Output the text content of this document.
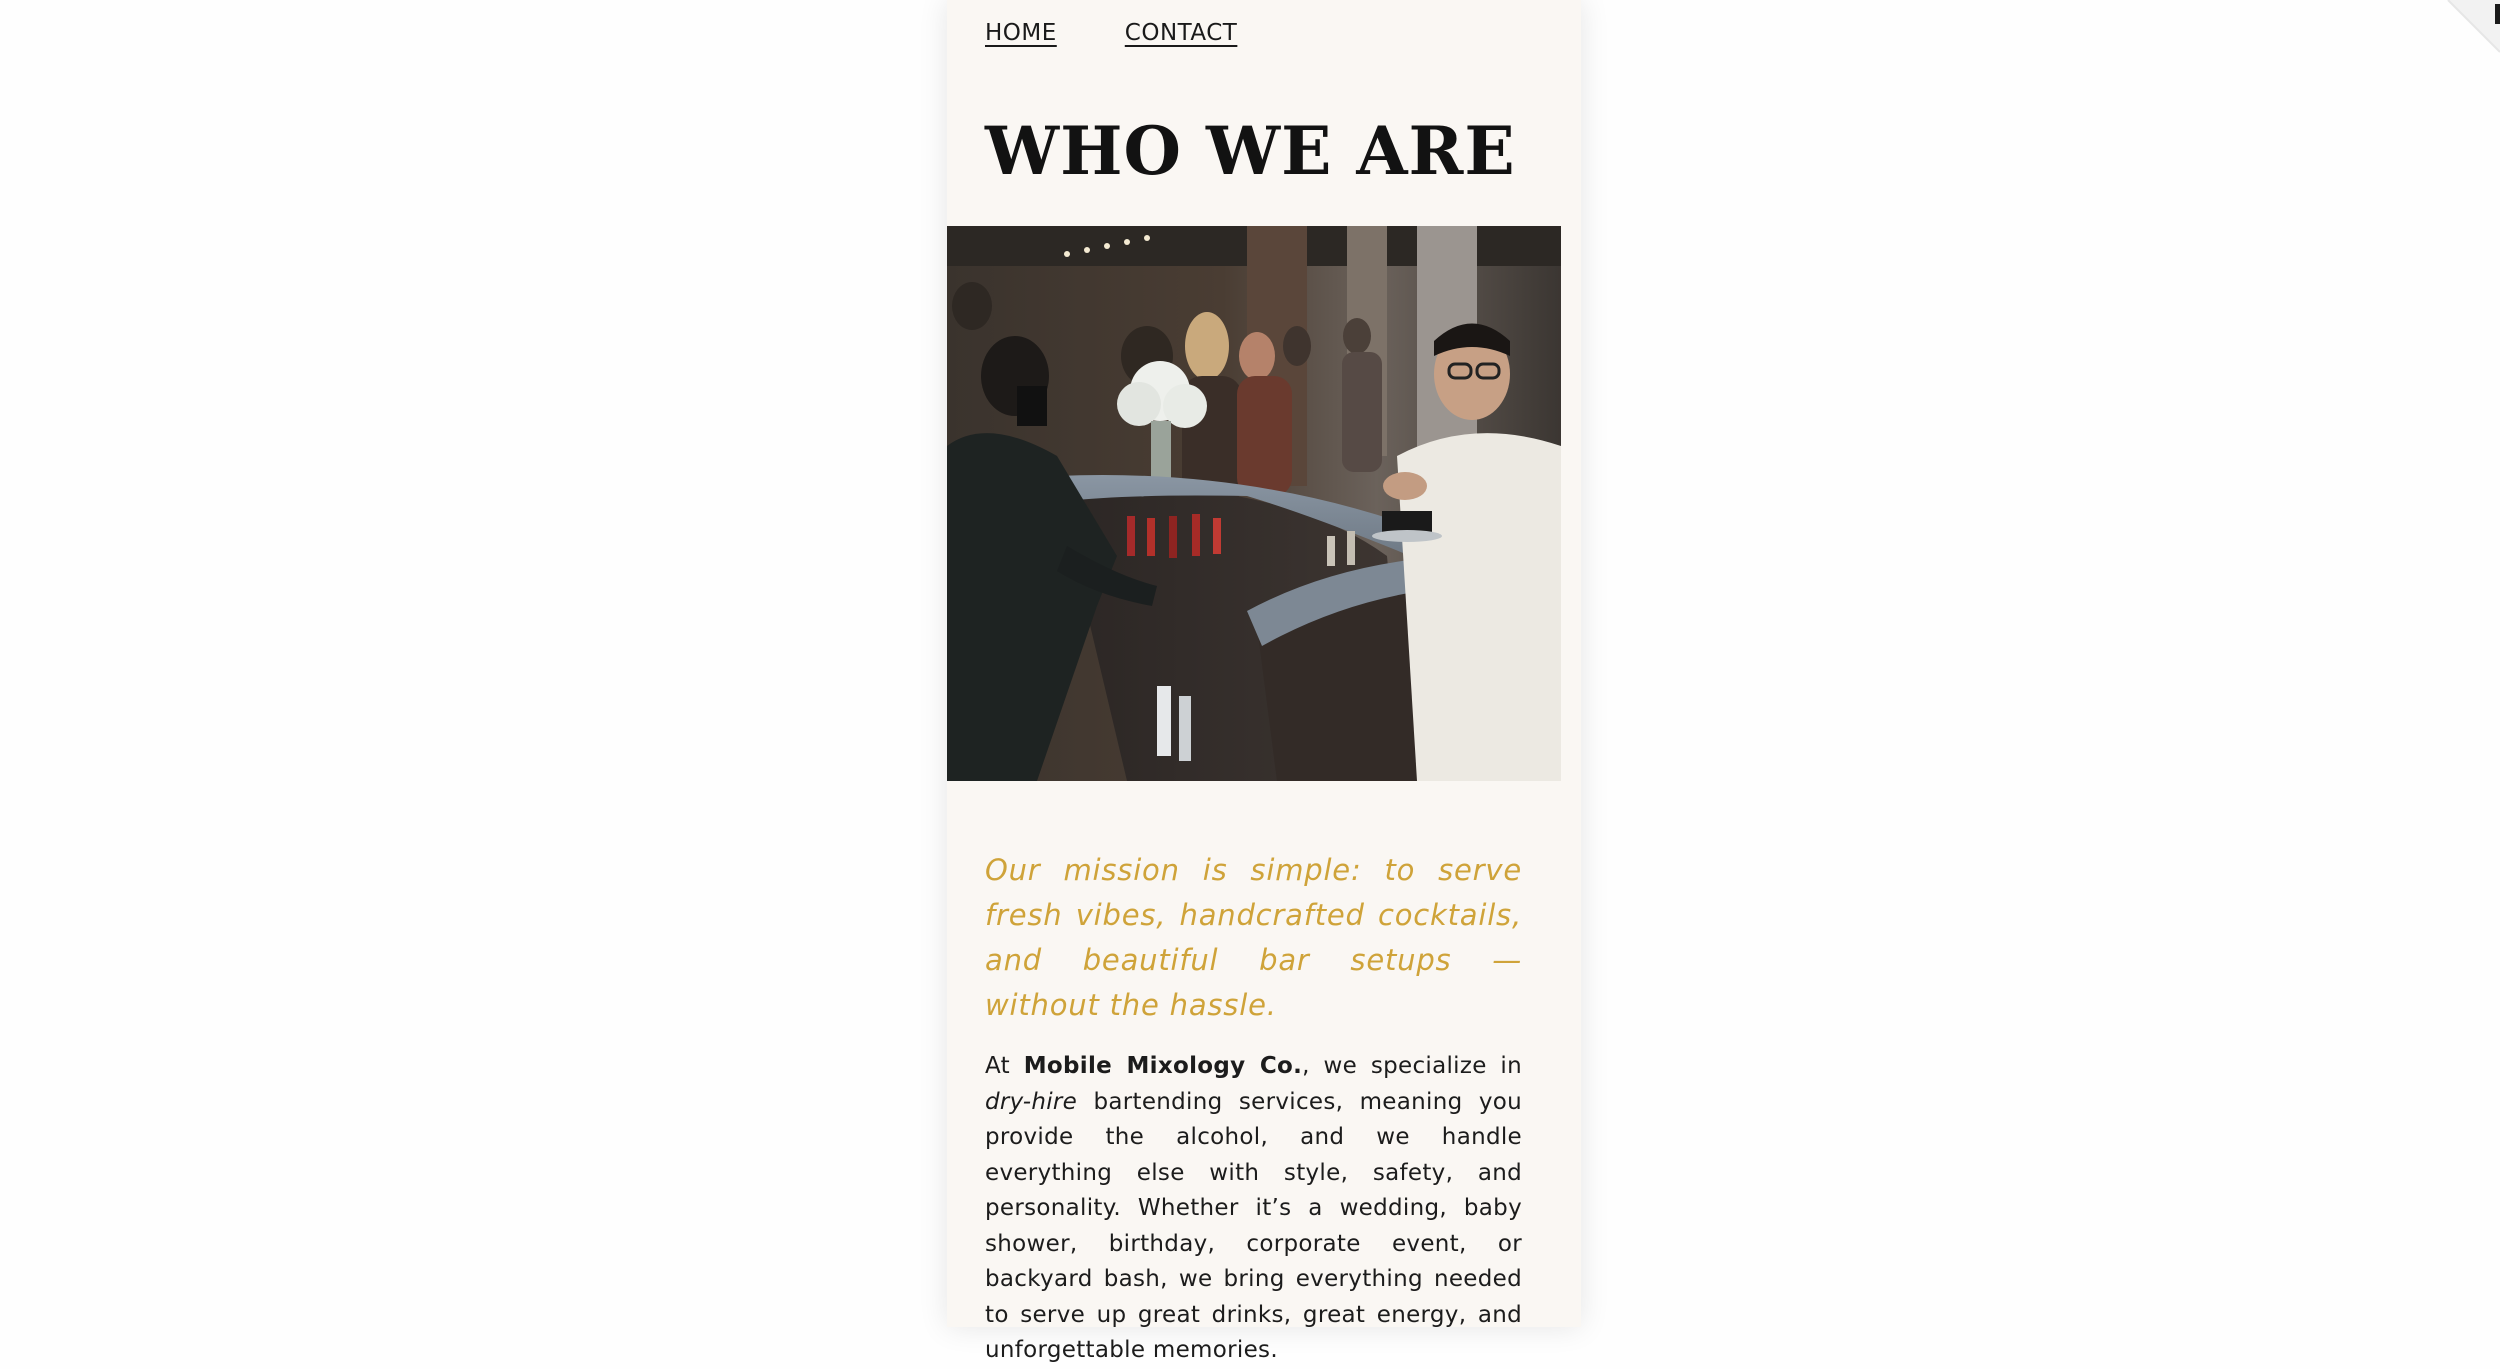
HOME	CONTACT
WHO WE ARE

Our mission is simple: to serve fresh vibes, handcrafted cocktails, and beautiful bar setups — without the hassle.

At Mobile Mixology Co., we specialize in dry-hire bartending services, meaning you provide the alcohol, and we handle everything else with style, safety, and personality. Whether it’s a wedding, baby shower, birthday, corporate event, or backyard bash, we bring everything needed to serve up great drinks, great energy, and unforgettable memories.
